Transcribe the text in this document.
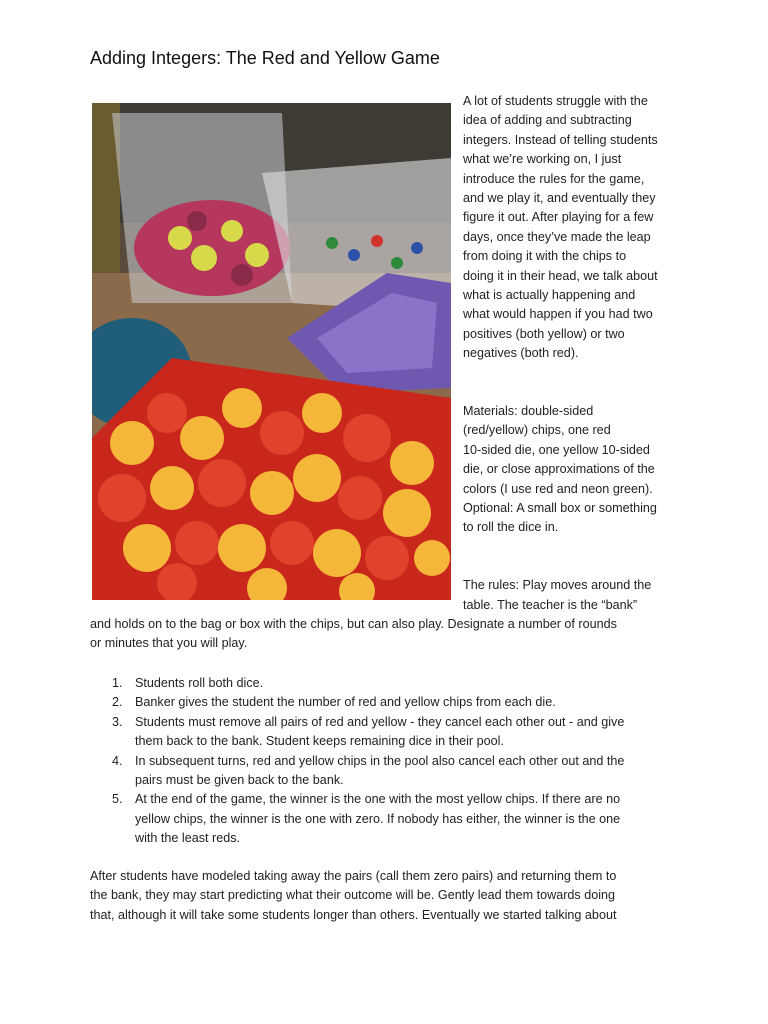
Adding Integers: The Red and Yellow Game
A lot of students struggle with the
idea of adding and subtracting
integers. Instead of telling students
what we’re working on, I just
introduce the rules for the game,
and we play it, and eventually they
figure it out. After playing for a few
days, once they’ve made the leap
from doing it with the chips to
doing it in their head, we talk about
what is actually happening and
what would happen if you had two
positives (both yellow) or two
negatives (both red).
Materials: double-sided
(red/yellow) chips, one red
10-sided die, one yellow 10-sided
die, or close approximations of the
colors (I use red and neon green).
Optional: A small box or something
to roll the dice in.
The rules: Play moves around the
table. The teacher is the “bank”
and holds on to the bag or box with the chips, but can also play. Designate a number of rounds
or minutes that you will play.
1. Students roll both dice.
2. Banker gives the student the number of red and yellow chips from each die.
3. Students must remove all pairs of red and yellow - they cancel each other out - and give
them back to the bank. Student keeps remaining dice in their pool.
4. In subsequent turns, red and yellow chips in the pool also cancel each other out and the
pairs must be given back to the bank.
5. At the end of the game, the winner is the one with the most yellow chips. If there are no
yellow chips, the winner is the one with zero. If nobody has either, the winner is the one
with the least reds.
After students have modeled taking away the pairs (call them zero pairs) and returning them to
the bank, they may start predicting what their outcome will be. Gently lead them towards doing
that, although it will take some students longer than others. Eventually we started talking about
